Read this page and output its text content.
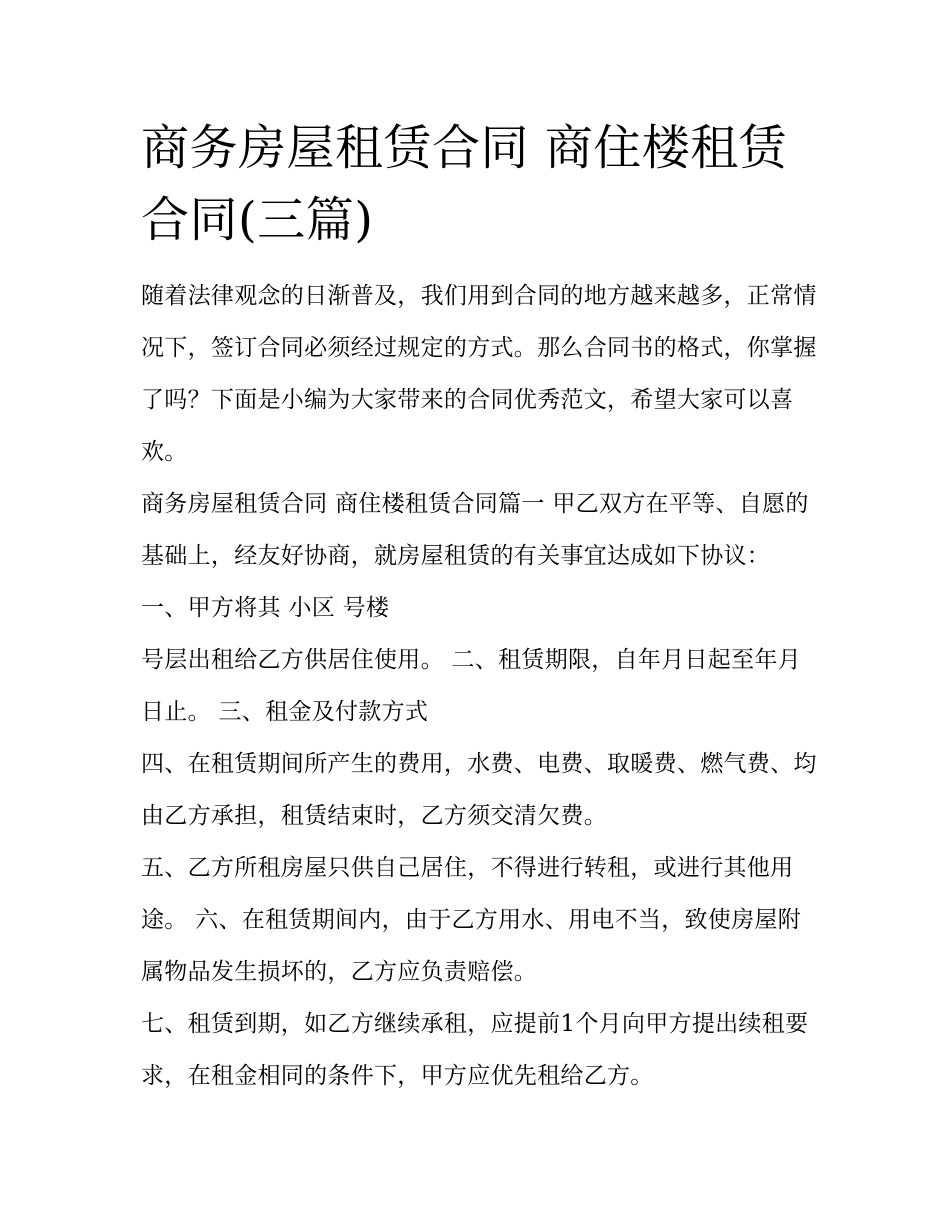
商务房屋租赁合同 商住楼租赁合同(三篇)

随着法律观念的日渐普及，我们用到合同的地方越来越多，正常情况下，签订合同必须经过规定的方式。那么合同书的格式，你掌握了吗？下面是小编为大家带来的合同优秀范文，希望大家可以喜欢。

商务房屋租赁合同 商住楼租赁合同篇一 甲乙双方在平等、自愿的基础上，经友好协商，就房屋租赁的有关事宜达成如下协议： 一、甲方将其 小区 号楼

号层出租给乙方供居住使用。 二、租赁期限，自年月日起至年月 日止。 三、租金及付款方式

四、在租赁期间所产生的费用，水费、电费、取暖费、燃气费、均由乙方承担，租赁结束时，乙方须交清欠费。

五、乙方所租房屋只供自己居住，不得进行转租，或进行其他用途。 六、在租赁期间内，由于乙方用水、用电不当，致使房屋附属物品发生损坏的，乙方应负责赔偿。

七、租赁到期，如乙方继续承租，应提前1个月向甲方提出续租要求，在租金相同的条件下，甲方应优先租给乙方。
